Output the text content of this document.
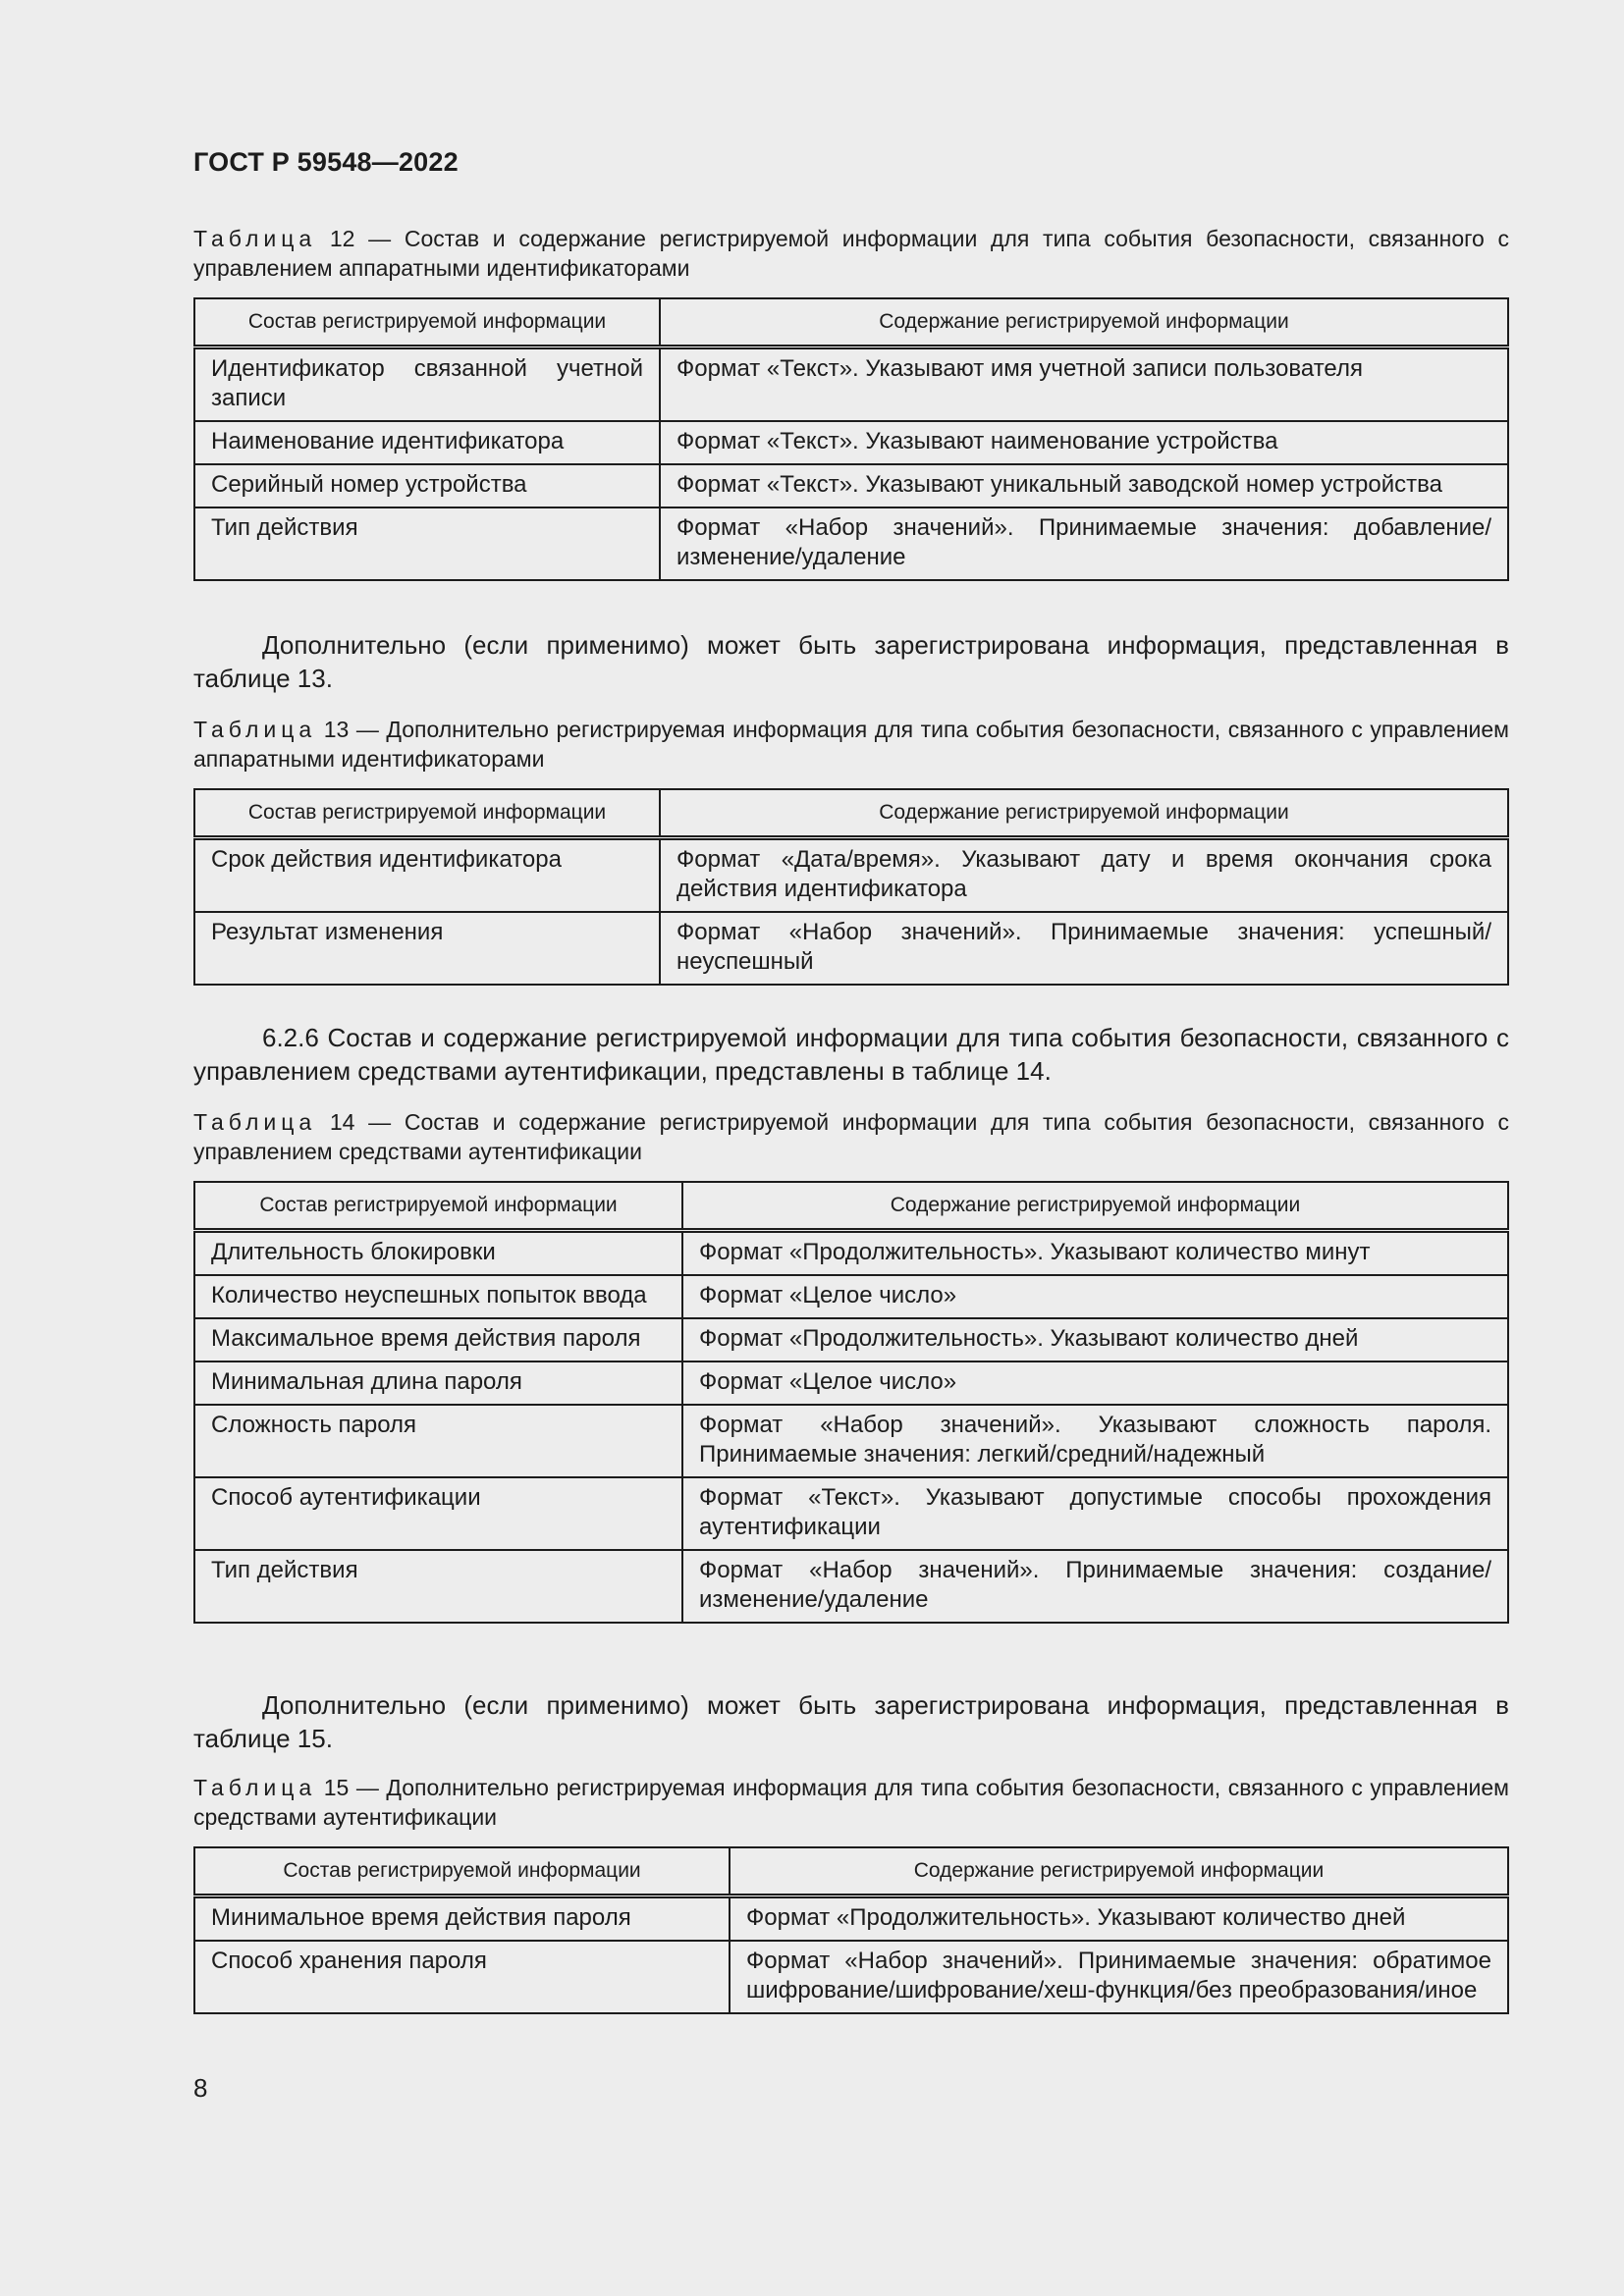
ГОСТ Р 59548—2022
Таблица 12 — Состав и содержание регистрируемой информации для типа события безопасности, связанного с управлением аппаратными идентификаторами
Состав регистрируемой информации	Содержание регистрируемой информации
Идентификатор связанной учетной записи	Формат «Текст». Указывают имя учетной записи пользователя
Наименование идентификатора	Формат «Текст». Указывают наименование устройства
Серийный номер устройства	Формат «Текст». Указывают уникальный заводской номер устройства
Тип действия	Формат «Набор значений». Принимаемые значения: добавление/изменение/удаление
Дополнительно (если применимо) может быть зарегистрирована информация, представленная в таблице 13.
Таблица 13 — Дополнительно регистрируемая информация для типа события безопасности, связанного с управлением аппаратными идентификаторами
Состав регистрируемой информации	Содержание регистрируемой информации
Срок действия идентификатора	Формат «Дата/время». Указывают дату и время окончания срока действия идентификатора
Результат изменения	Формат «Набор значений». Принимаемые значения: успешный/неуспешный
6.2.6 Состав и содержание регистрируемой информации для типа события безопасности, связанного с управлением средствами аутентификации, представлены в таблице 14.
Таблица 14 — Состав и содержание регистрируемой информации для типа события безопасности, связанного с управлением средствами аутентификации
Состав регистрируемой информации	Содержание регистрируемой информации
Длительность блокировки	Формат «Продолжительность». Указывают количество минут
Количество неуспешных попыток ввода	Формат «Целое число»
Максимальное время действия пароля	Формат «Продолжительность». Указывают количество дней
Минимальная длина пароля	Формат «Целое число»
Сложность пароля	Формат «Набор значений». Указывают сложность пароля. Принимаемые значения: легкий/средний/надежный
Способ аутентификации	Формат «Текст». Указывают допустимые способы прохождения аутентификации
Тип действия	Формат «Набор значений». Принимаемые значения: создание/изменение/удаление
Дополнительно (если применимо) может быть зарегистрирована информация, представленная в таблице 15.
Таблица 15 — Дополнительно регистрируемая информация для типа события безопасности, связанного с управлением средствами аутентификации
Состав регистрируемой информации	Содержание регистрируемой информации
Минимальное время действия пароля	Формат «Продолжительность». Указывают количество дней
Способ хранения пароля	Формат «Набор значений». Принимаемые значения: обратимое шифрование/шифрование/хеш-функция/без преобразования/иное
8
